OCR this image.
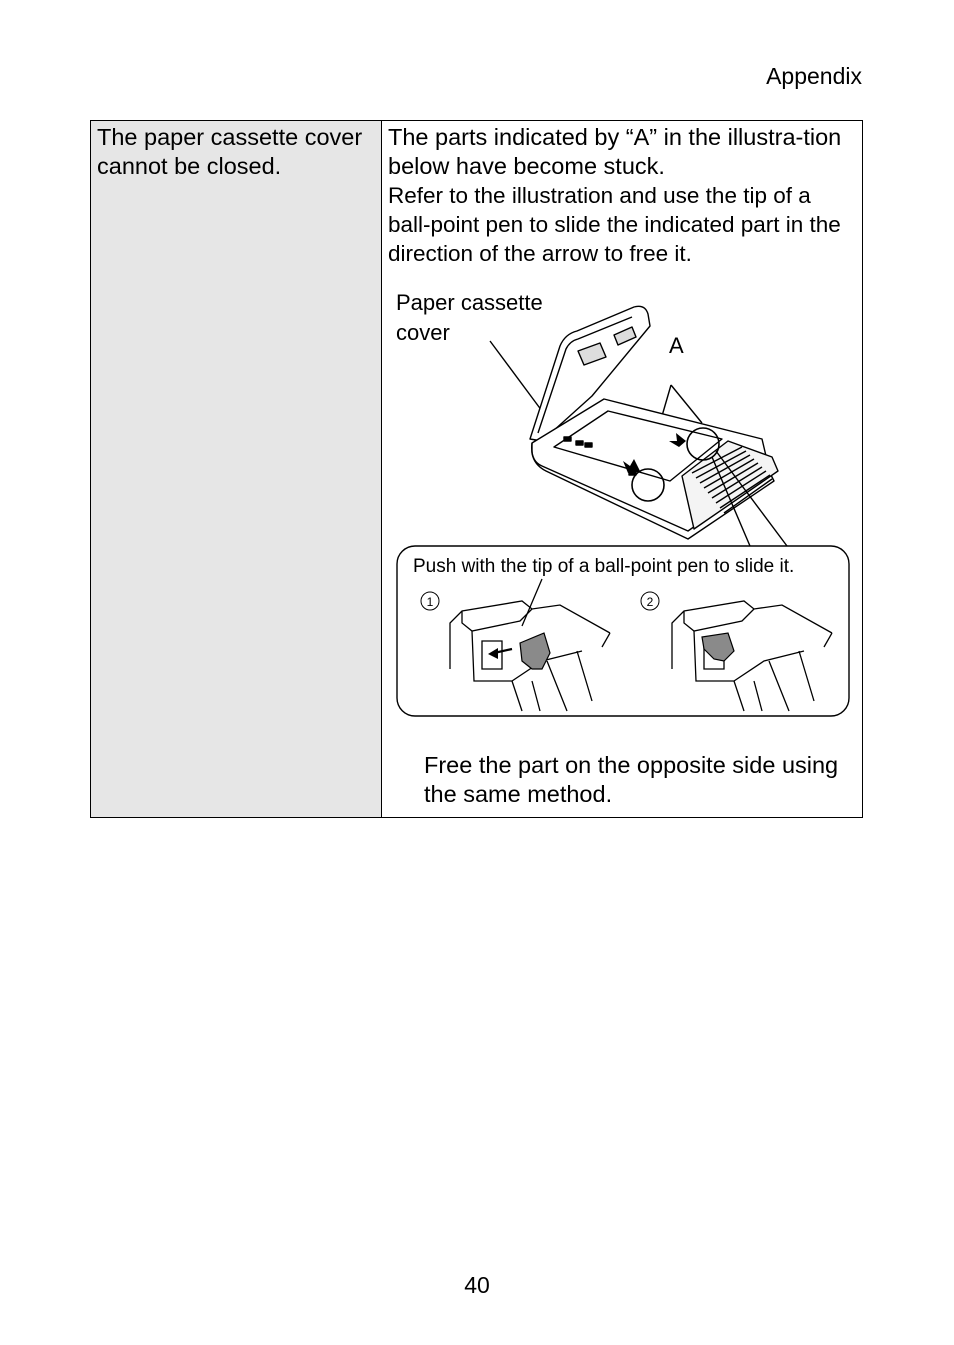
Appendix
The paper cassette cover cannot be closed.

The parts indicated by “A” in the illustra-tion below have become stuck.

Refer to the illustration and use the tip of a ball-point pen to slide the indicated part in the direction of the arrow to free it.

Paper cassette
cover
A
Push with the tip of a ball-point pen to slide it.
1	2

Free the part on the opposite side using the same method.

40
